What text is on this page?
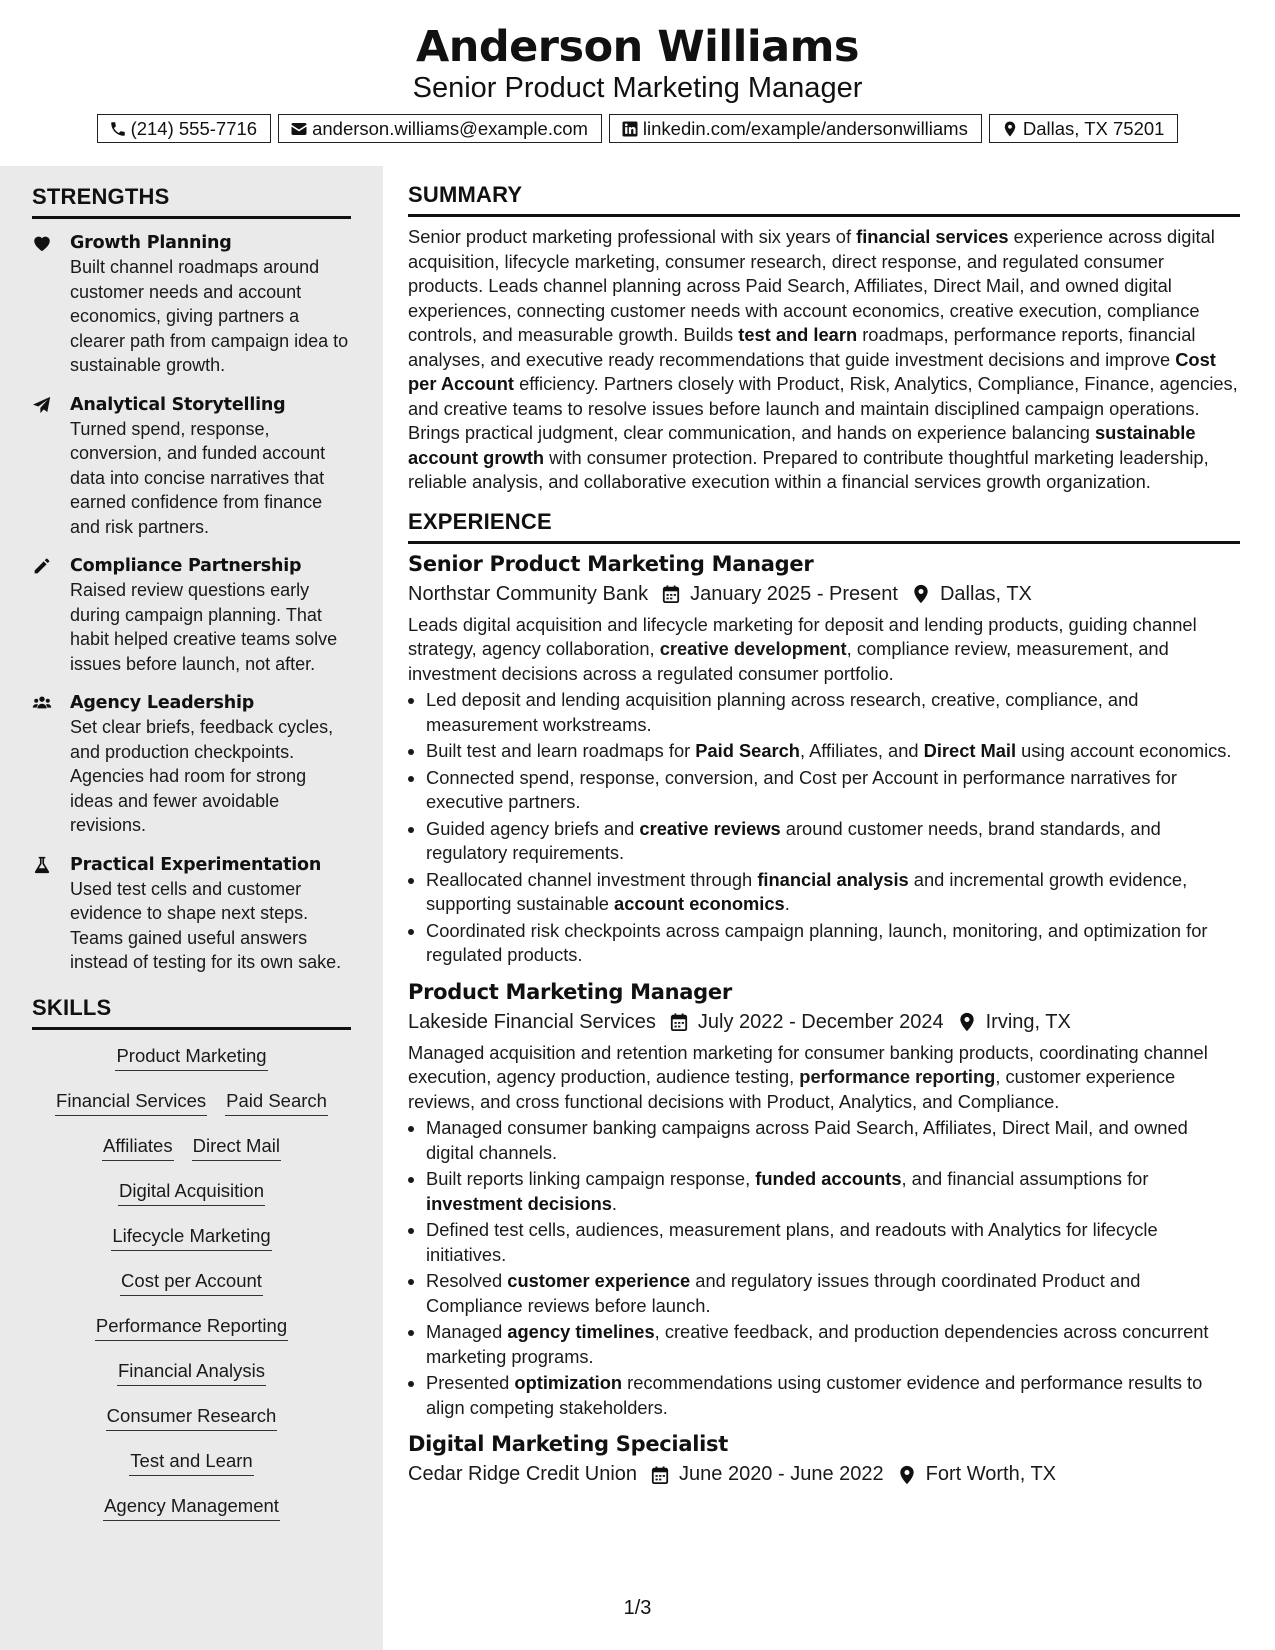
Anderson Williams
Senior Product Marketing Manager
(214) 555-7716	anderson.williams@example.com	linkedin.com/example/andersonwilliams	Dallas, TX 75201
STRENGTHS
Growth Planning
Built channel roadmaps around customer needs and account economics, giving partners a clearer path from campaign idea to sustainable growth.
Analytical Storytelling
Turned spend, response, conversion, and funded account data into concise narratives that earned confidence from finance and risk partners.
Compliance Partnership
Raised review questions early during campaign planning. That habit helped creative teams solve issues before launch, not after.
Agency Leadership
Set clear briefs, feedback cycles, and production checkpoints. Agencies had room for strong ideas and fewer avoidable revisions.
Practical Experimentation
Used test cells and customer evidence to shape next steps. Teams gained useful answers instead of testing for its own sake.
SKILLS
Product Marketing
Financial Services Paid Search
Affiliates Direct Mail
Digital Acquisition
Lifecycle Marketing
Cost per Account
Performance Reporting
Financial Analysis
Consumer Research
Test and Learn
Agency Management
SUMMARY
Senior product marketing professional with six years of financial services experience across digital acquisition, lifecycle marketing, consumer research, direct response, and regulated consumer products. Leads channel planning across Paid Search, Affiliates, Direct Mail, and owned digital experiences, connecting customer needs with account economics, creative execution, compliance controls, and measurable growth. Builds test and learn roadmaps, performance reports, financial analyses, and executive ready recommendations that guide investment decisions and improve Cost per Account efficiency. Partners closely with Product, Risk, Analytics, Compliance, Finance, agencies, and creative teams to resolve issues before launch and maintain disciplined campaign operations. Brings practical judgment, clear communication, and hands on experience balancing sustainable account growth with consumer protection. Prepared to contribute thoughtful marketing leadership, reliable analysis, and collaborative execution within a financial services growth organization.
EXPERIENCE
Senior Product Marketing Manager
Northstar Community Bank January 2025 - Present Dallas, TX
Leads digital acquisition and lifecycle marketing for deposit and lending products, guiding channel strategy, agency collaboration, creative development, compliance review, measurement, and investment decisions across a regulated consumer portfolio.
• Led deposit and lending acquisition planning across research, creative, compliance, and measurement workstreams.
• Built test and learn roadmaps for Paid Search, Affiliates, and Direct Mail using account economics.
• Connected spend, response, conversion, and Cost per Account in performance narratives for executive partners.
• Guided agency briefs and creative reviews around customer needs, brand standards, and regulatory requirements.
• Reallocated channel investment through financial analysis and incremental growth evidence, supporting sustainable account economics.
• Coordinated risk checkpoints across campaign planning, launch, monitoring, and optimization for regulated products.
Product Marketing Manager
Lakeside Financial Services July 2022 - December 2024 Irving, TX
Managed acquisition and retention marketing for consumer banking products, coordinating channel execution, agency production, audience testing, performance reporting, customer experience reviews, and cross functional decisions with Product, Analytics, and Compliance.
• Managed consumer banking campaigns across Paid Search, Affiliates, Direct Mail, and owned digital channels.
• Built reports linking campaign response, funded accounts, and financial assumptions for investment decisions.
• Defined test cells, audiences, measurement plans, and readouts with Analytics for lifecycle initiatives.
• Resolved customer experience and regulatory issues through coordinated Product and Compliance reviews before launch.
• Managed agency timelines, creative feedback, and production dependencies across concurrent marketing programs.
• Presented optimization recommendations using customer evidence and performance results to align competing stakeholders.
Digital Marketing Specialist
Cedar Ridge Credit Union June 2020 - June 2022 Fort Worth, TX
1/3
